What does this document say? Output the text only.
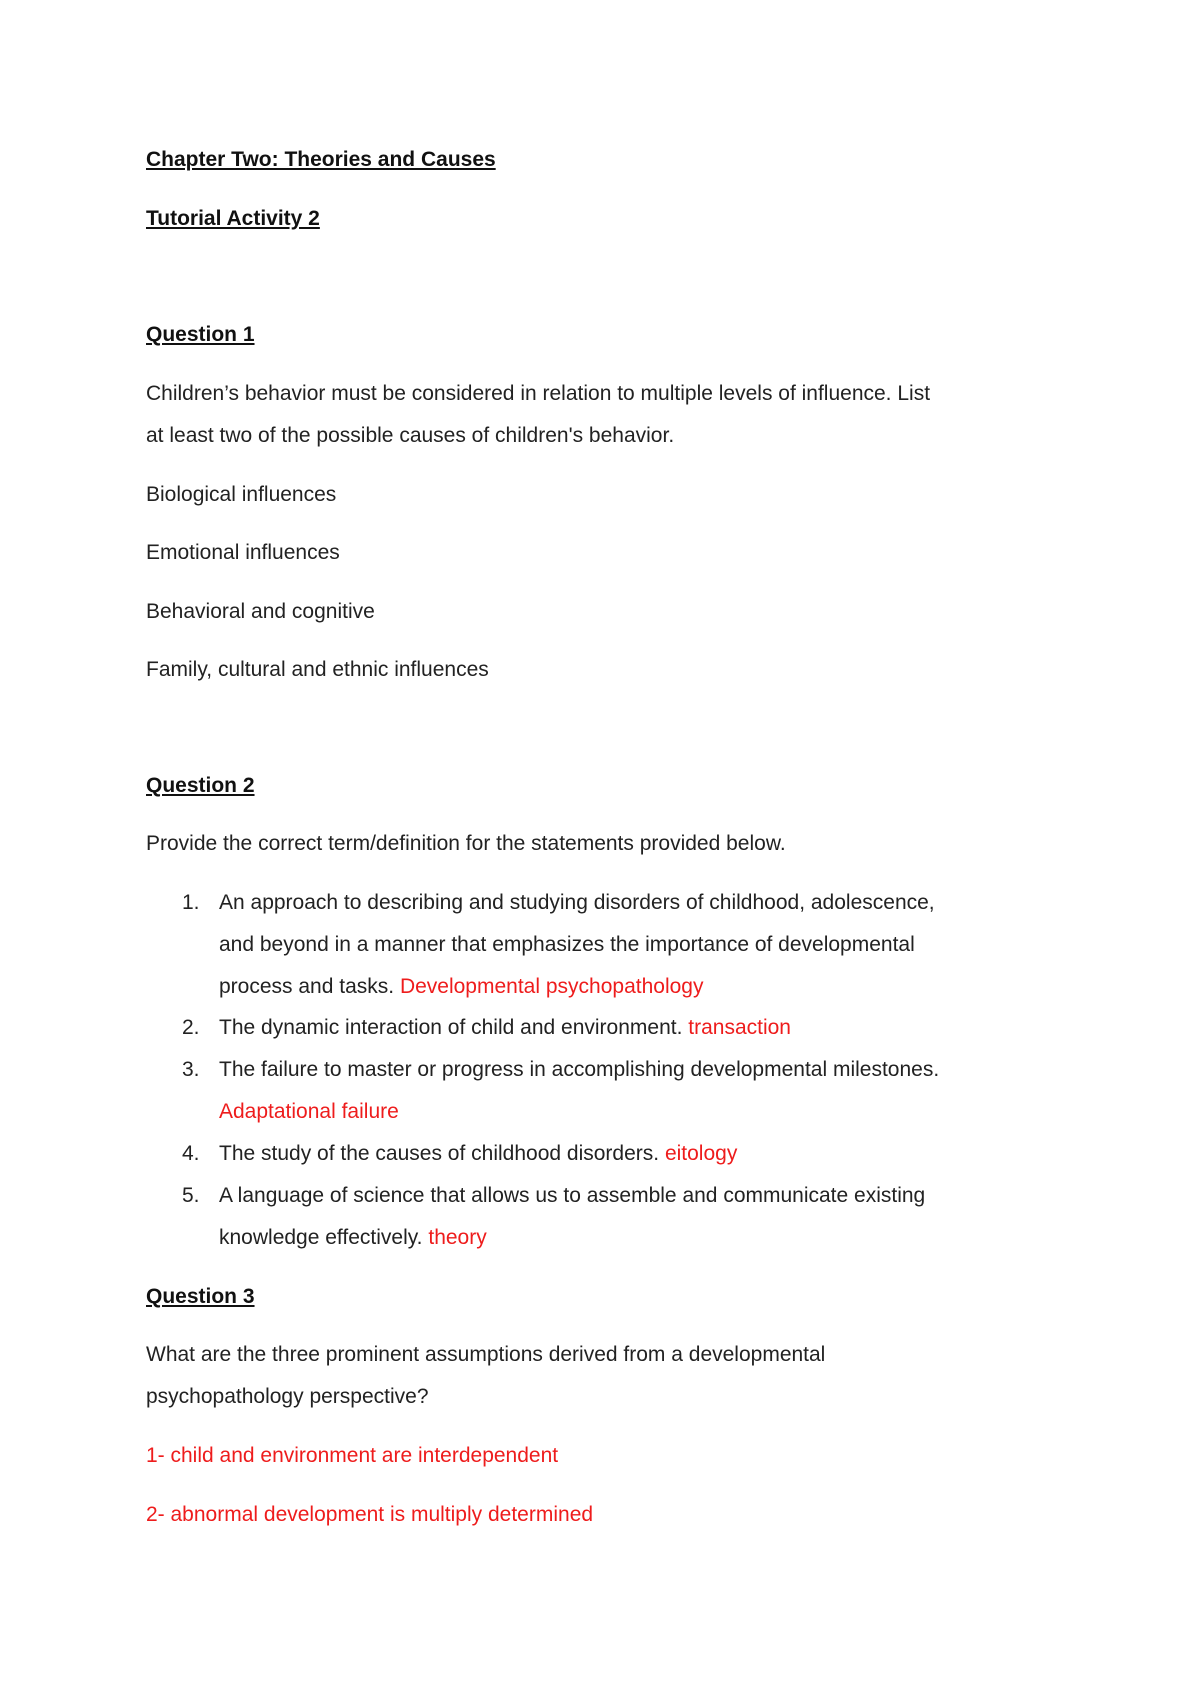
Chapter Two: Theories and Causes
Tutorial Activity 2
Question 1
Children’s behavior must be considered in relation to multiple levels of influence. List
at least two of the possible causes of children's behavior.
Biological influences
Emotional influences
Behavioral and cognitive
Family, cultural and ethnic influences
Question 2
Provide the correct term/definition for the statements provided below.
1. An approach to describing and studying disorders of childhood, adolescence,
and beyond in a manner that emphasizes the importance of developmental
process and tasks. Developmental psychopathology
2. The dynamic interaction of child and environment. transaction
3. The failure to master or progress in accomplishing developmental milestones.
Adaptational failure
4. The study of the causes of childhood disorders. eitology
5. A language of science that allows us to assemble and communicate existing
knowledge effectively. theory
Question 3
What are the three prominent assumptions derived from a developmental
psychopathology perspective?
1- child and environment are interdependent
2- abnormal development is multiply determined
